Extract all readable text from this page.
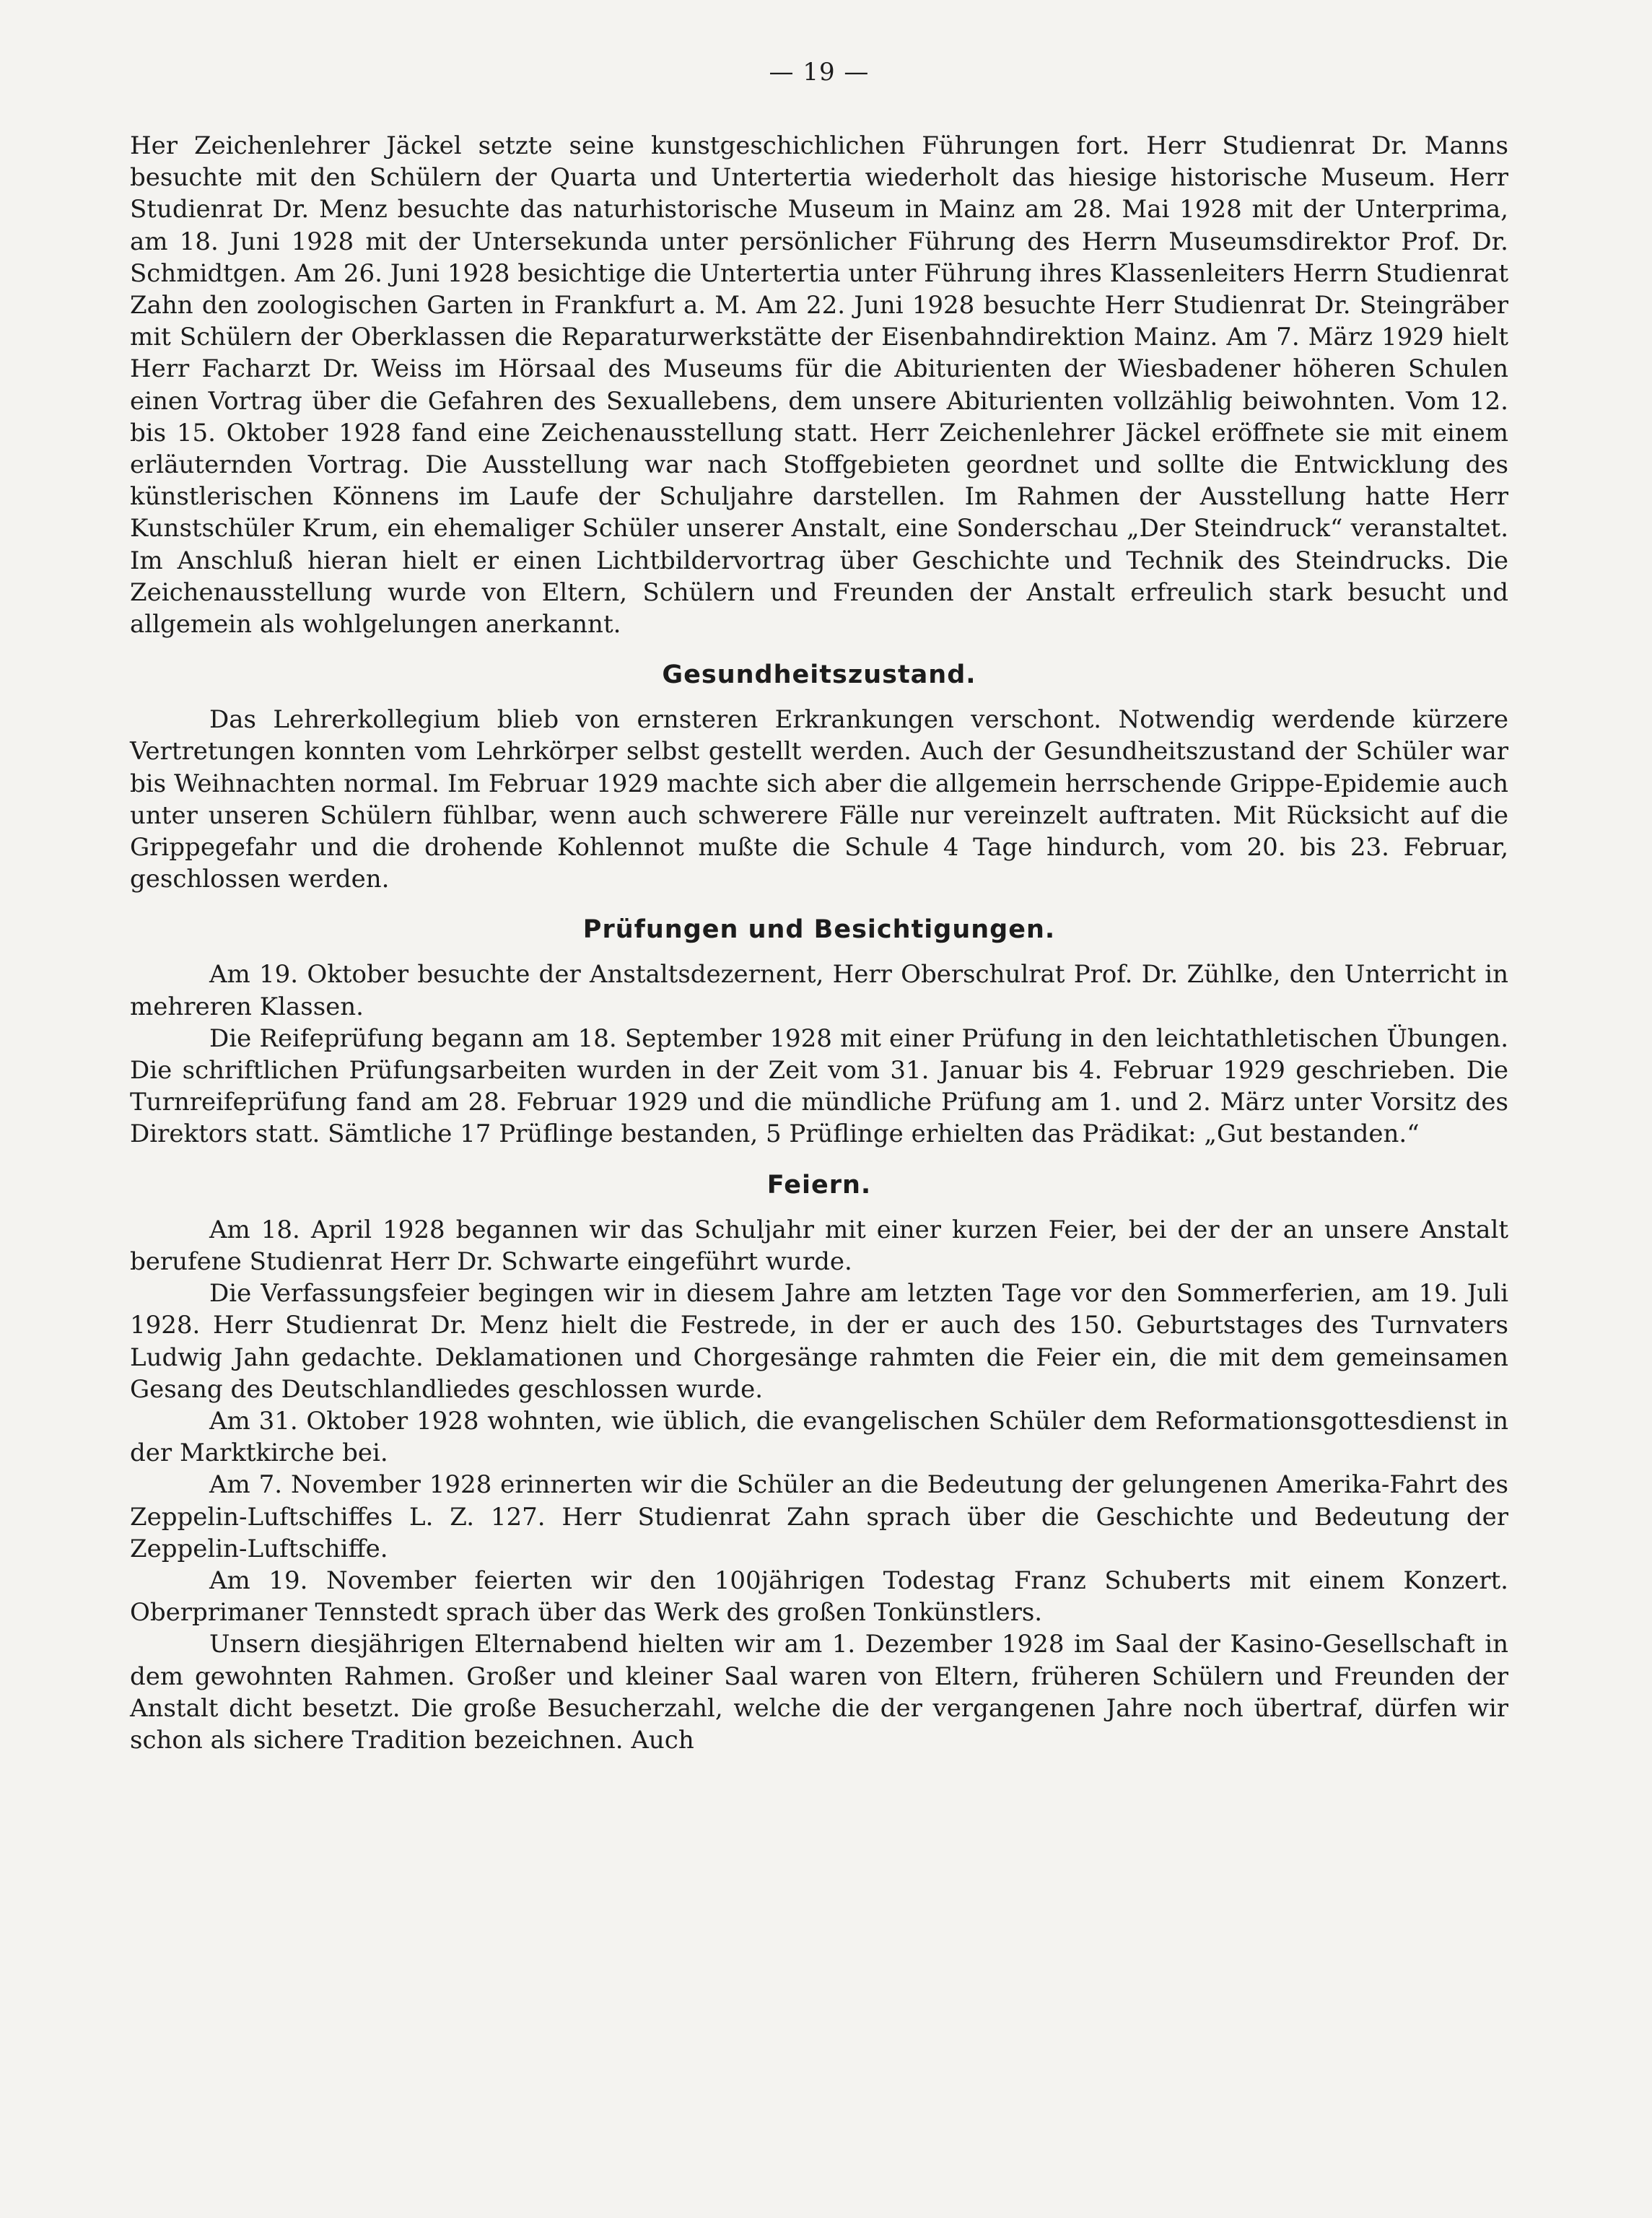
— 19 —

Her Zeichenlehrer Jäckel setzte seine kunstgeschichlichen Führungen fort. Herr Studienrat Dr. Manns besuchte mit den Schülern der Quarta und Untertertia wiederholt das hiesige historische Museum. Herr Studienrat Dr. Menz besuchte das naturhistorische Museum in Mainz am 28. Mai 1928 mit der Unterprima, am 18. Juni 1928 mit der Untersekunda unter persönlicher Führung des Herrn Museumsdirektor Prof. Dr. Schmidtgen. Am 26. Juni 1928 besichtige die Untertertia unter Führung ihres Klassenleiters Herrn Studienrat Zahn den zoologischen Garten in Frankfurt a. M. Am 22. Juni 1928 besuchte Herr Studienrat Dr. Steingräber mit Schülern der Oberklassen die Reparaturwerkstätte der Eisenbahndirektion Mainz. Am 7. März 1929 hielt Herr Facharzt Dr. Weiss im Hörsaal des Museums für die Abiturienten der Wiesbadener höheren Schulen einen Vortrag über die Gefahren des Sexuallebens, dem unsere Abiturienten vollzählig beiwohnten. Vom 12. bis 15. Oktober 1928 fand eine Zeichenausstellung statt. Herr Zeichenlehrer Jäckel eröffnete sie mit einem erläuternden Vortrag. Die Ausstellung war nach Stoffgebieten geordnet und sollte die Entwicklung des künstlerischen Könnens im Laufe der Schuljahre darstellen. Im Rahmen der Ausstellung hatte Herr Kunstschüler Krum, ein ehemaliger Schüler unserer Anstalt, eine Sonderschau „Der Steindruck“ veranstaltet. Im Anschluß hieran hielt er einen Lichtbildervortrag über Geschichte und Technik des Steindrucks. Die Zeichenausstellung wurde von Eltern, Schülern und Freunden der Anstalt erfreulich stark besucht und allgemein als wohlgelungen anerkannt.

Gesundheitszustand.

Das Lehrerkollegium blieb von ernsteren Erkrankungen verschont. Notwendig werdende kürzere Vertretungen konnten vom Lehrkörper selbst gestellt werden. Auch der Gesundheitszustand der Schüler war bis Weihnachten normal. Im Februar 1929 machte sich aber die allgemein herrschende Grippe-Epidemie auch unter unseren Schülern fühlbar, wenn auch schwerere Fälle nur vereinzelt auftraten. Mit Rücksicht auf die Grippegefahr und die drohende Kohlennot mußte die Schule 4 Tage hindurch, vom 20. bis 23. Februar, geschlossen werden.

Prüfungen und Besichtigungen.

Am 19. Oktober besuchte der Anstaltsdezernent, Herr Oberschulrat Prof. Dr. Zühlke, den Unterricht in mehreren Klassen.

Die Reifeprüfung begann am 18. September 1928 mit einer Prüfung in den leichtathletischen Übungen. Die schriftlichen Prüfungsarbeiten wurden in der Zeit vom 31. Januar bis 4. Februar 1929 geschrieben. Die Turnreifeprüfung fand am 28. Februar 1929 und die mündliche Prüfung am 1. und 2. März unter Vorsitz des Direktors statt. Sämtliche 17 Prüflinge bestanden, 5 Prüflinge erhielten das Prädikat: „Gut bestanden.“

Feiern.

Am 18. April 1928 begannen wir das Schuljahr mit einer kurzen Feier, bei der der an unsere Anstalt berufene Studienrat Herr Dr. Schwarte eingeführt wurde.

Die Verfassungsfeier begingen wir in diesem Jahre am letzten Tage vor den Sommerferien, am 19. Juli 1928. Herr Studienrat Dr. Menz hielt die Festrede, in der er auch des 150. Geburtstages des Turnvaters Ludwig Jahn gedachte. Deklamationen und Chorgesänge rahmten die Feier ein, die mit dem gemeinsamen Gesang des Deutschlandliedes geschlossen wurde.

Am 31. Oktober 1928 wohnten, wie üblich, die evangelischen Schüler dem Reformationsgottesdienst in der Marktkirche bei.

Am 7. November 1928 erinnerten wir die Schüler an die Bedeutung der gelungenen Amerika-Fahrt des Zeppelin-Luftschiffes L. Z. 127. Herr Studienrat Zahn sprach über die Geschichte und Bedeutung der Zeppelin-Luftschiffe.

Am 19. November feierten wir den 100jährigen Todestag Franz Schuberts mit einem Konzert. Oberprimaner Tennstedt sprach über das Werk des großen Tonkünstlers.

Unsern diesjährigen Elternabend hielten wir am 1. Dezember 1928 im Saal der Kasino-Gesellschaft in dem gewohnten Rahmen. Großer und kleiner Saal waren von Eltern, früheren Schülern und Freunden der Anstalt dicht besetzt. Die große Besucherzahl, welche die der vergangenen Jahre noch übertraf, dürfen wir schon als sichere Tradition bezeichnen. Auch
